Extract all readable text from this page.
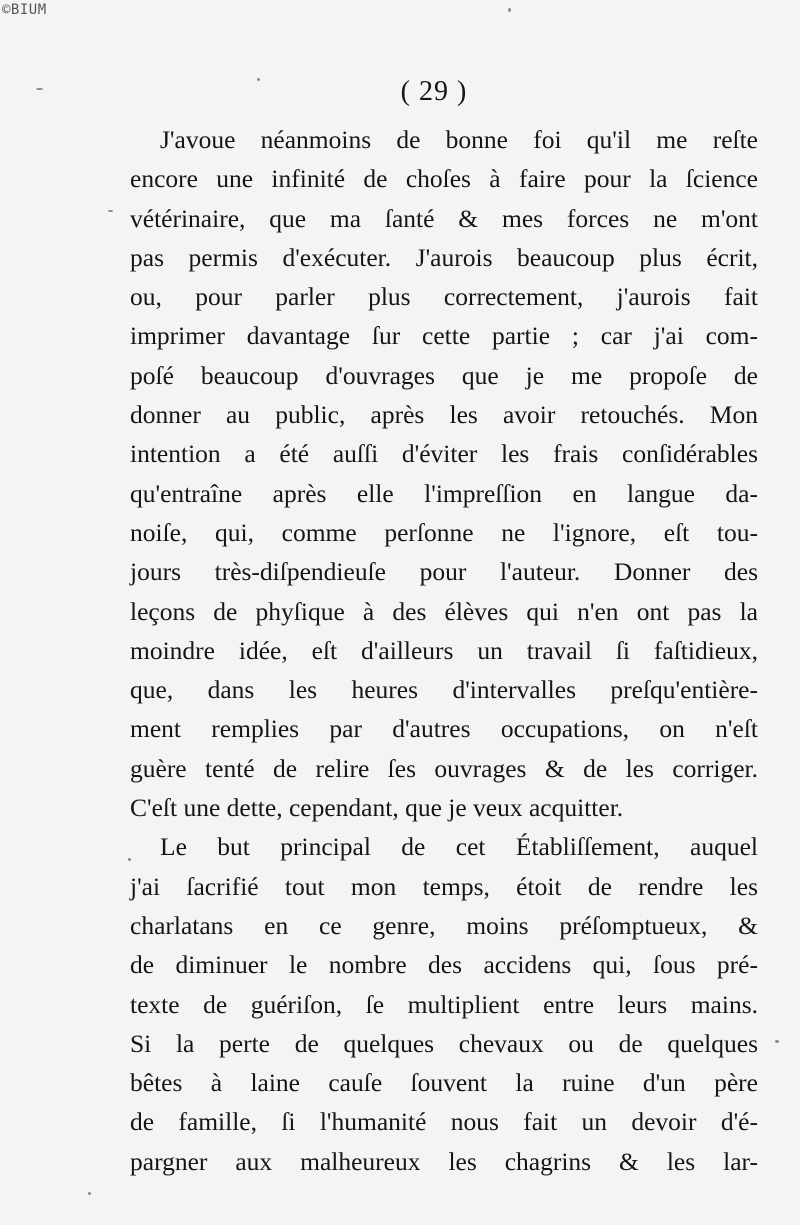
©BIUM
( 29 )
J'avoue néanmoins de bonne foi qu'il me reſte
encore une infinité de choſes à faire pour la ſcience
vétérinaire, que ma ſanté & mes forces ne m'ont
pas permis d'exécuter. J'aurois beaucoup plus écrit,
ou, pour parler plus correctement, j'aurois fait
imprimer davantage ſur cette partie ; car j'ai com-
poſé beaucoup d'ouvrages que je me propoſe de
donner au public, après les avoir retouchés. Mon
intention a été auſſi d'éviter les frais conſidérables
qu'entraîne après elle l'impreſſion en langue da-
noiſe, qui, comme perſonne ne l'ignore, eſt tou-
jours très-diſpendieuſe pour l'auteur. Donner des
leçons de phyſique à des élèves qui n'en ont pas la
moindre idée, eſt d'ailleurs un travail ſi faſtidieux,
que, dans les heures d'intervalles preſqu'entière-
ment remplies par d'autres occupations, on n'eſt
guère tenté de relire ſes ouvrages & de les corriger.
C'eſt une dette, cependant, que je veux acquitter.
Le but principal de cet Établiſſement, auquel
j'ai ſacrifié tout mon temps, étoit de rendre les
charlatans en ce genre, moins préſomptueux, &
de diminuer le nombre des accidens qui, ſous pré-
texte de guériſon, ſe multiplient entre leurs mains.
Si la perte de quelques chevaux ou de quelques
bêtes à laine cauſe ſouvent la ruine d'un père
de famille, ſi l'humanité nous fait un devoir d'é-
pargner aux malheureux les chagrins & les lar-
